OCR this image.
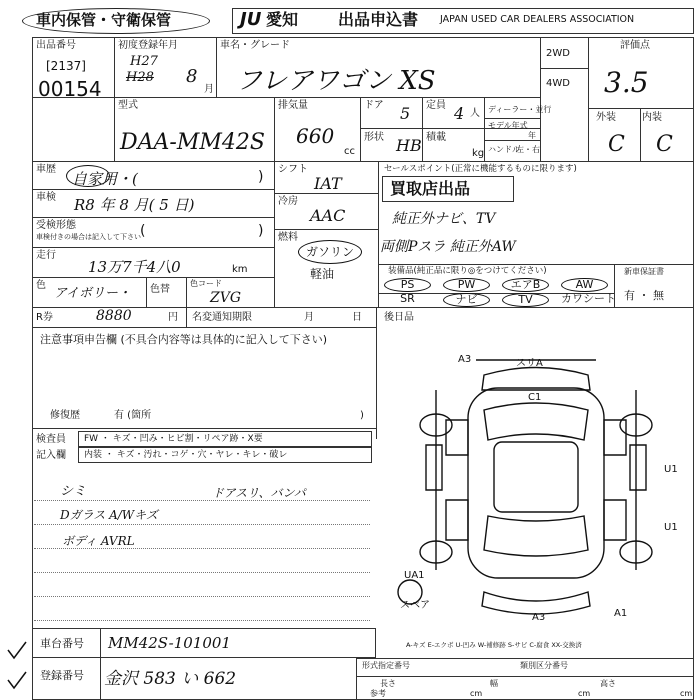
車内保管・守衛保管	JU 愛知 出品申込書 JAPAN USED CAR DEALERS ASSOCIATION
出品番号
[2137]
00154
初度登録年月
H27
H28 8
月
車名・グレード
フレアワゴン XS
2WD
4WD
評価点
3.5
外装	内装
C C
型式
DAA-MM42S
排気量
660
cc
ドア 5 定員 4 人
形状 HB 積載
kg
ディーラー・並行
モデル年式
年
ハンドル
左・右
車歴
自家用・(	)
車検 R8 年 8 月( 5 日)
受検形態
車検付きの場合は記入して下さい (	)
走行
13万7千4八0	km
色
アイボリー・ 色替
色コード
ZVG
シフト
IAT
冷房
AAC
燃料
ガソリン
軽油
セールスポイント(正常に機能するものに限ります)
買取店出品
純正外ナビ、TV
両側Pスラ 純正外AW
装備品(純正品に限り◎をつけてください)
PS	PW	エアB	AW
SR	ナビ	TV	カワシート
新車保証書
有 ・ 無
R券	8880	円 名変通知期限	月	日 後日品
注意事項申告欄 (不具合内容等は具体的に記入して下さい)
修復歴	有 (箇所	)
検査員
記入欄
FW ・ キズ・凹み・ヒビ割・リペア跡・X要
内装 ・ キズ・汚れ・コゲ・穴・ヤレ・キレ・破レ
シミ	ドアスリ、バンパ
Dガラス A/Wキズ
ボディ AVRL
A3	スリA
C1
U1
U1
UA1
スペア
A3	A1
A-キズ E-エクボ U-凹み W-補修跡 S-サビ C-腐食 XX-交換済
車台番号 MM42S-101001
登録番号 金沢 583 い 662
形式指定番号	類別区分番号
長さ	幅	高さ
参考	cm	cm	cm
